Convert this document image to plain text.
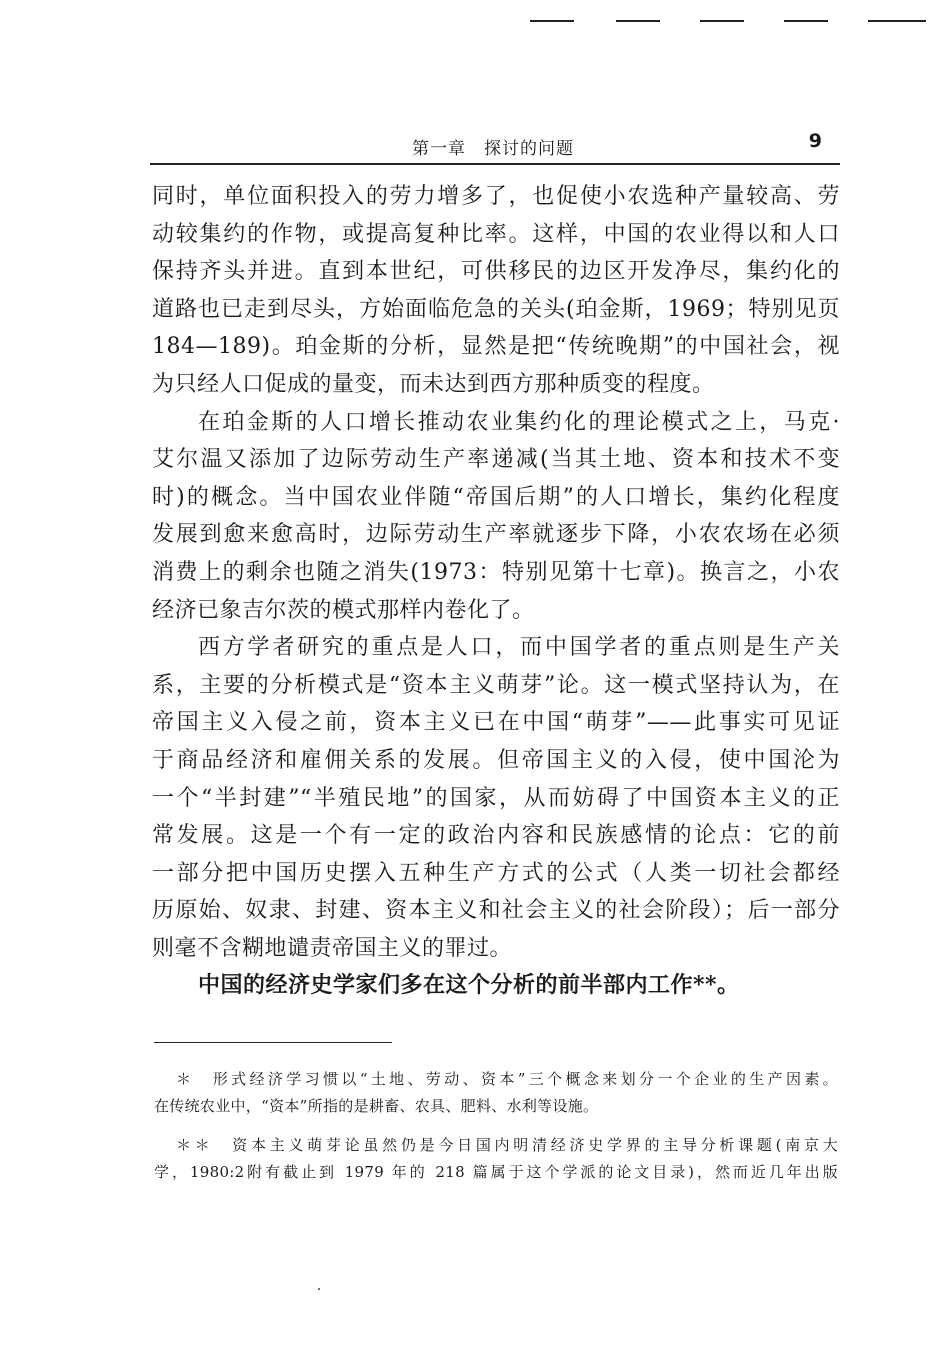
第一章　探讨的问题	9
同时，单位面积投入的劳力增多了，也促使小农选种产量较高、劳
动较集约的作物，或提高复种比率。这样，中国的农业得以和人口
保持齐头并进。直到本世纪，可供移民的边区开发净尽，集约化的
道路也已走到尽头，方始面临危急的关头(珀金斯，1969；特别见页
184—189)。珀金斯的分析，显然是把“传统晚期”的中国社会，视
为只经人口促成的量变，而未达到西方那种质变的程度。
在珀金斯的人口增长推动农业集约化的理论模式之上，马克·
艾尔温又添加了边际劳动生产率递减(当其土地、资本和技术不变
时)的概念。当中国农业伴随“帝国后期”的人口增长，集约化程度
发展到愈来愈高时，边际劳动生产率就逐步下降，小农农场在必须
消费上的剩余也随之消失(1973：特别见第十七章)。换言之，小农
经济已象吉尔茨的模式那样内卷化了。
西方学者研究的重点是人口，而中国学者的重点则是生产关
系，主要的分析模式是“资本主义萌芽”论。这一模式坚持认为，在
帝国主义入侵之前，资本主义已在中国“萌芽”——此事实可见证
于商品经济和雇佣关系的发展。但帝国主义的入侵，使中国沦为
一个“半封建”“半殖民地”的国家，从而妨碍了中国资本主义的正
常发展。这是一个有一定的政治内容和民族感情的论点：它的前
一部分把中国历史摆入五种生产方式的公式（人类一切社会都经
历原始、奴隶、封建、资本主义和社会主义的社会阶段）；后一部分
则毫不含糊地谴责帝国主义的罪过。
中国的经济史学家们多在这个分析的前半部内工作**。
＊　形式经济学习惯以“土地、劳动、资本”三个概念来划分一个企业的生产因素。
在传统农业中，“资本”所指的是耕畜、农具、肥料、水利等设施。
＊＊　资本主义萌芽论虽然仍是今日国内明清经济史学界的主导分析课题(南京大
学，1980:2附有截止到 1979 年的 218 篇属于这个学派的论文目录)，然而近几年出版
